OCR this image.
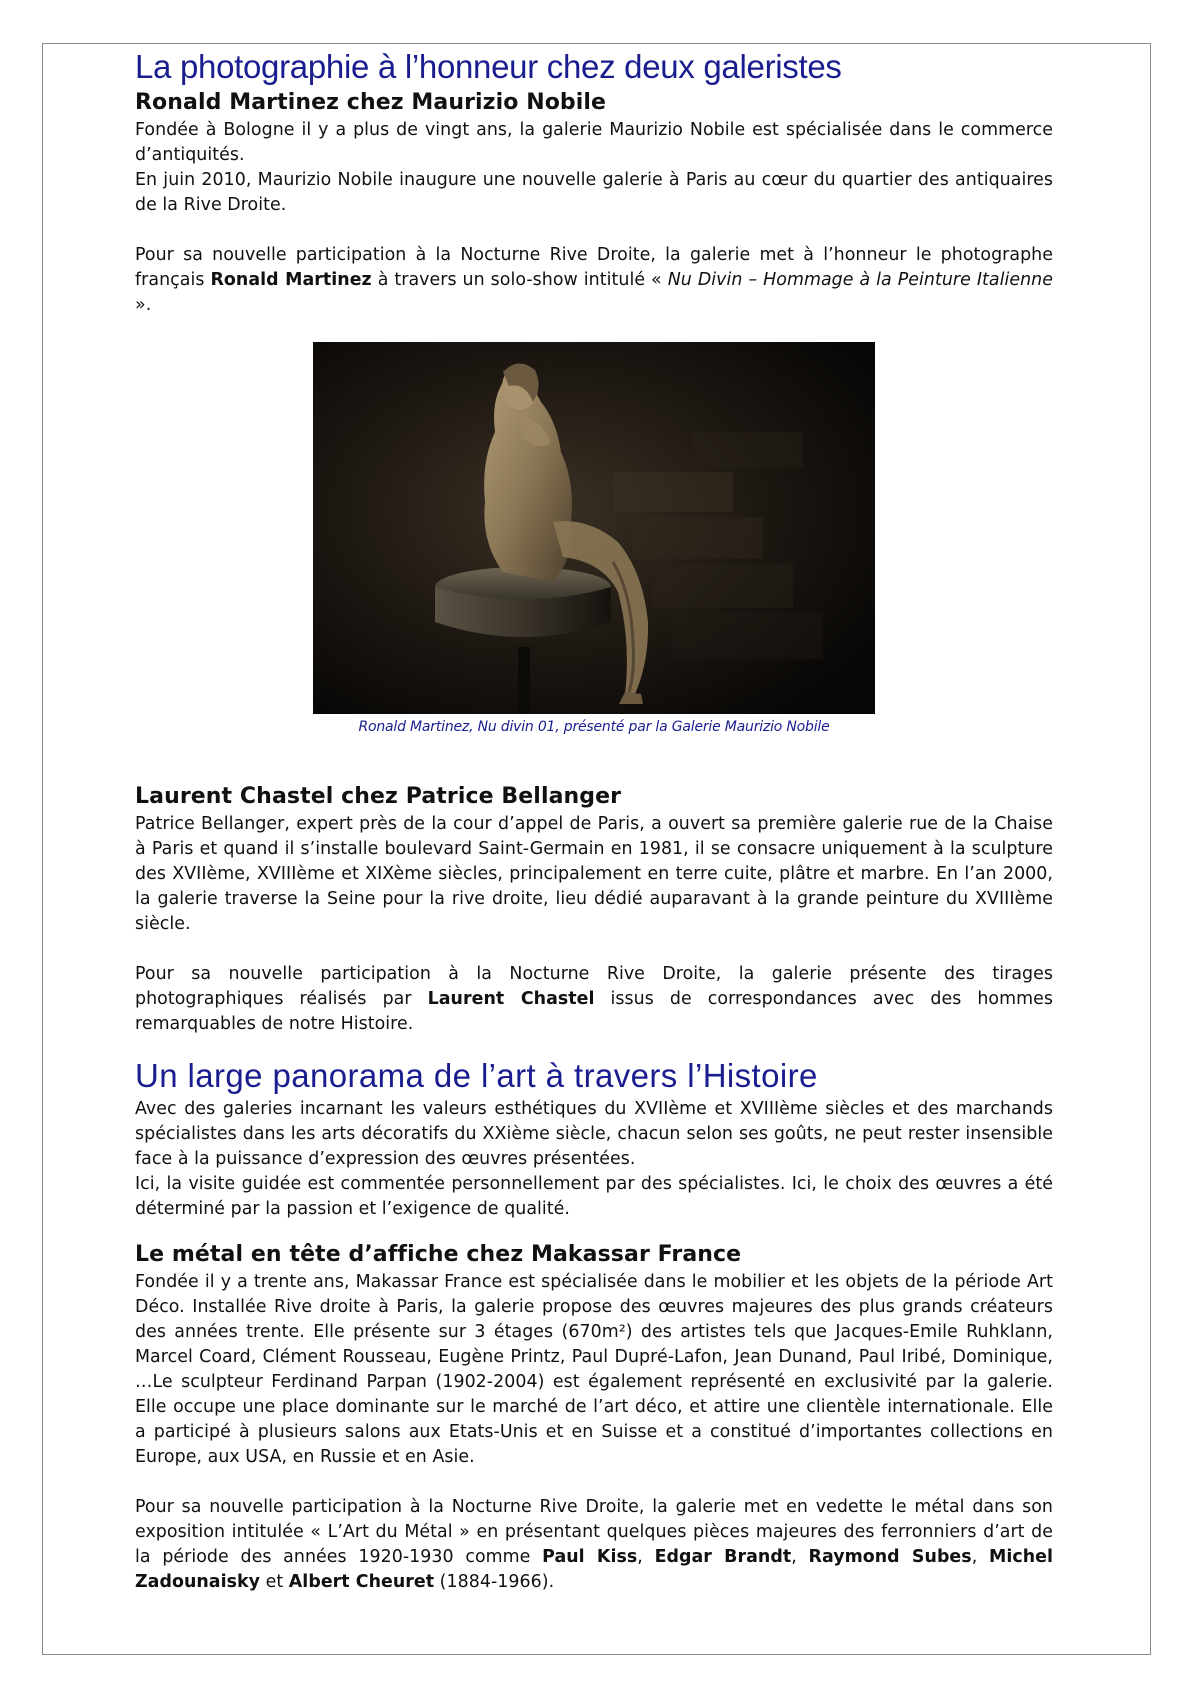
La photographie à l’honneur chez deux galeristes
Ronald Martinez chez Maurizio Nobile

Fondée à Bologne il y a plus de vingt ans, la galerie Maurizio Nobile est spécialisée dans le commerce d’antiquités.
En juin 2010, Maurizio Nobile inaugure une nouvelle galerie à Paris au cœur du quartier des antiquaires de la Rive Droite.

Pour sa nouvelle participation à la Nocturne Rive Droite, la galerie met à l’honneur le photographe français Ronald Martinez à travers un solo-show intitulé « Nu Divin – Hommage à la Peinture Italienne ».

Ronald Martinez, Nu divin 01, présenté par la Galerie Maurizio Nobile
Laurent Chastel chez Patrice Bellanger

Patrice Bellanger, expert près de la cour d’appel de Paris, a ouvert sa première galerie rue de la Chaise à Paris et quand il s’installe boulevard Saint-Germain en 1981, il se consacre uniquement à la sculpture des XVIIème, XVIIIème et XIXème siècles, principalement en terre cuite, plâtre et marbre. En l’an 2000, la galerie traverse la Seine pour la rive droite, lieu dédié auparavant à la grande peinture du XVIIIème siècle.

Pour sa nouvelle participation à la Nocturne Rive Droite, la galerie présente des tirages photographiques réalisés par Laurent Chastel issus de correspondances avec des hommes remarquables de notre Histoire.

Un large panorama de l’art à travers l’Histoire

Avec des galeries incarnant les valeurs esthétiques du XVIIème et XVIIIème siècles et des marchands spécialistes dans les arts décoratifs du XXième siècle, chacun selon ses goûts, ne peut rester insensible face à la puissance d’expression des œuvres présentées.
Ici, la visite guidée est commentée personnellement par des spécialistes. Ici, le choix des œuvres a été déterminé par la passion et l’exigence de qualité.

Le métal en tête d’affiche chez Makassar France

Fondée il y a trente ans, Makassar France est spécialisée dans le mobilier et les objets de la période Art Déco. Installée Rive droite à Paris, la galerie propose des œuvres majeures des plus grands créateurs des années trente. Elle présente sur 3 étages (670m²) des artistes tels que Jacques-Emile Ruhklann, Marcel Coard, Clément Rousseau, Eugène Printz, Paul Dupré-Lafon, Jean Dunand, Paul Iribé, Dominique, …Le sculpteur Ferdinand Parpan (1902-2004) est également représenté en exclusivité par la galerie. Elle occupe une place dominante sur le marché de l’art déco, et attire une clientèle internationale. Elle a participé à plusieurs salons aux Etats-Unis et en Suisse et a constitué d’importantes collections en Europe, aux USA, en Russie et en Asie.

Pour sa nouvelle participation à la Nocturne Rive Droite, la galerie met en vedette le métal dans son exposition intitulée « L’Art du Métal » en présentant quelques pièces majeures des ferronniers d’art de la période des années 1920-1930 comme Paul Kiss, Edgar Brandt, Raymond Subes, Michel Zadounaisky et Albert Cheuret (1884-1966).
